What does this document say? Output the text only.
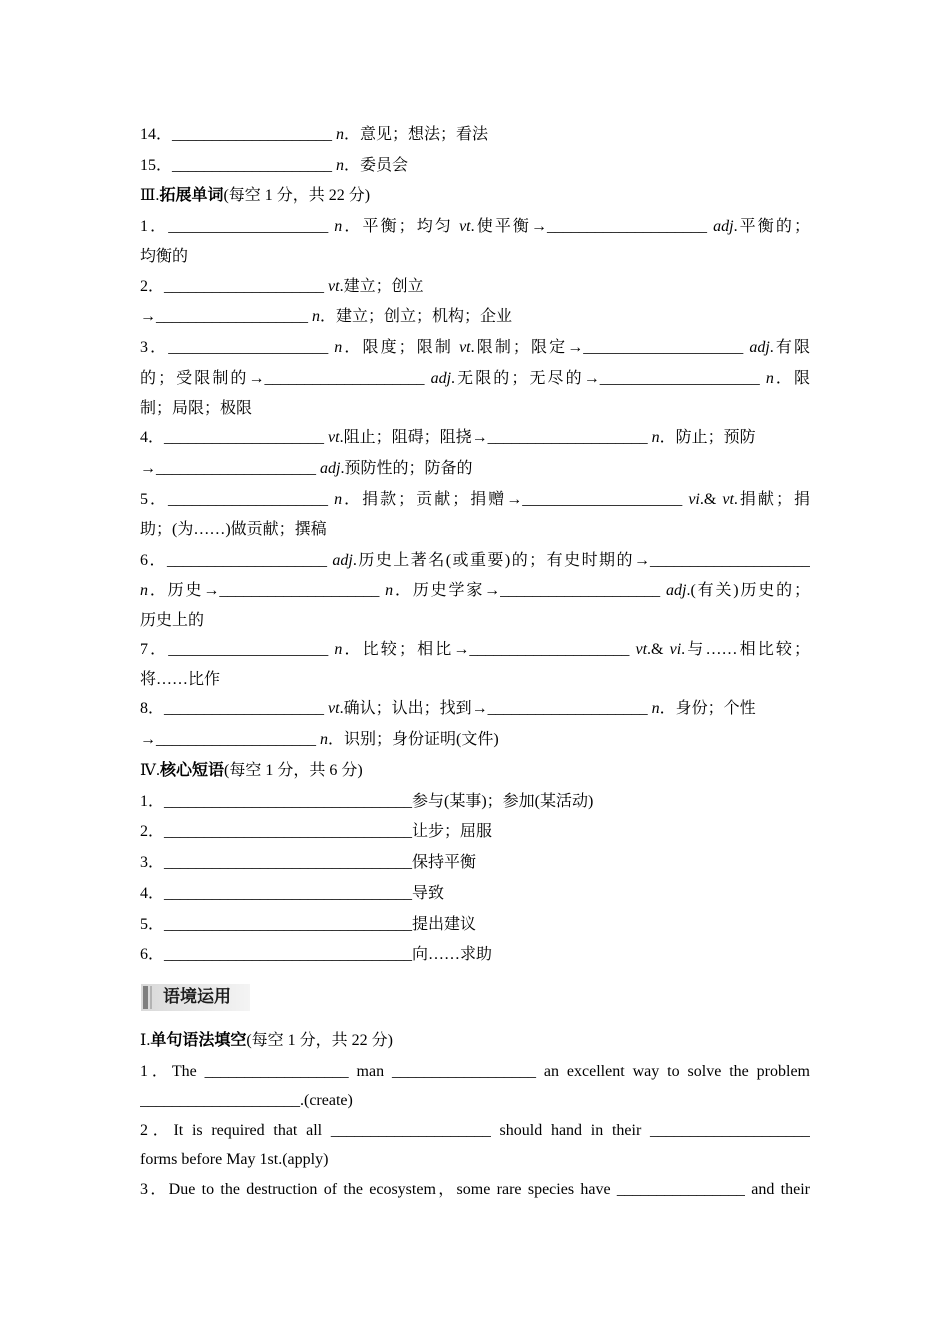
14．____________________ n．意见；想法；看法
15．____________________ n．委员会
Ⅲ.拓展单词(每空 1 分，共 22 分)
1．____________________ n．平衡；均匀 vt.使平衡→____________________ adj.平衡的；
均衡的
2．____________________ vt.建立；创立
→___________________ n．建立；创立；机构；企业
3．____________________ n．限度；限制 vt.限制；限定→____________________ adj.有限
的；受限制的→____________________ adj.无限的；无尽的→____________________ n．限
制；局限；极限
4．____________________ vt.阻止；阻碍；阻挠→____________________ n．防止；预防
→____________________ adj.预防性的；防备的
5．____________________ n．捐款；贡献；捐赠→____________________ vi.& vt.捐献；捐
助；(为……)做贡献；撰稿
6．____________________ adj.历史上著名(或重要)的；有史时期的→____________________
n．历史→____________________ n．历史学家→____________________ adj.(有关)历史的；
历史上的
7．____________________ n．比较；相比→____________________ vt.& vi.与……相比较；
将……比作
8．____________________ vt.确认；认出；找到→____________________ n．身份；个性
→____________________ n．识别；身份证明(文件)
Ⅳ.核心短语(每空 1 分，共 6 分)
1．_______________________________参与(某事)；参加(某活动)
2．_______________________________让步；屈服
3．_______________________________保持平衡
4．_______________________________导致
5．_______________________________提出建议
6．_______________________________向……求助
语境运用
Ⅰ.单句语法填空(每空 1 分，共 22 分)
1．The __________________ man __________________ an excellent way to solve the problem
____________________.(create)
2．It is required that all ____________________ should hand in their ____________________
forms before May 1st.(apply)
3．Due to the destruction of the ecosystem，some rare species have ________________ and their
